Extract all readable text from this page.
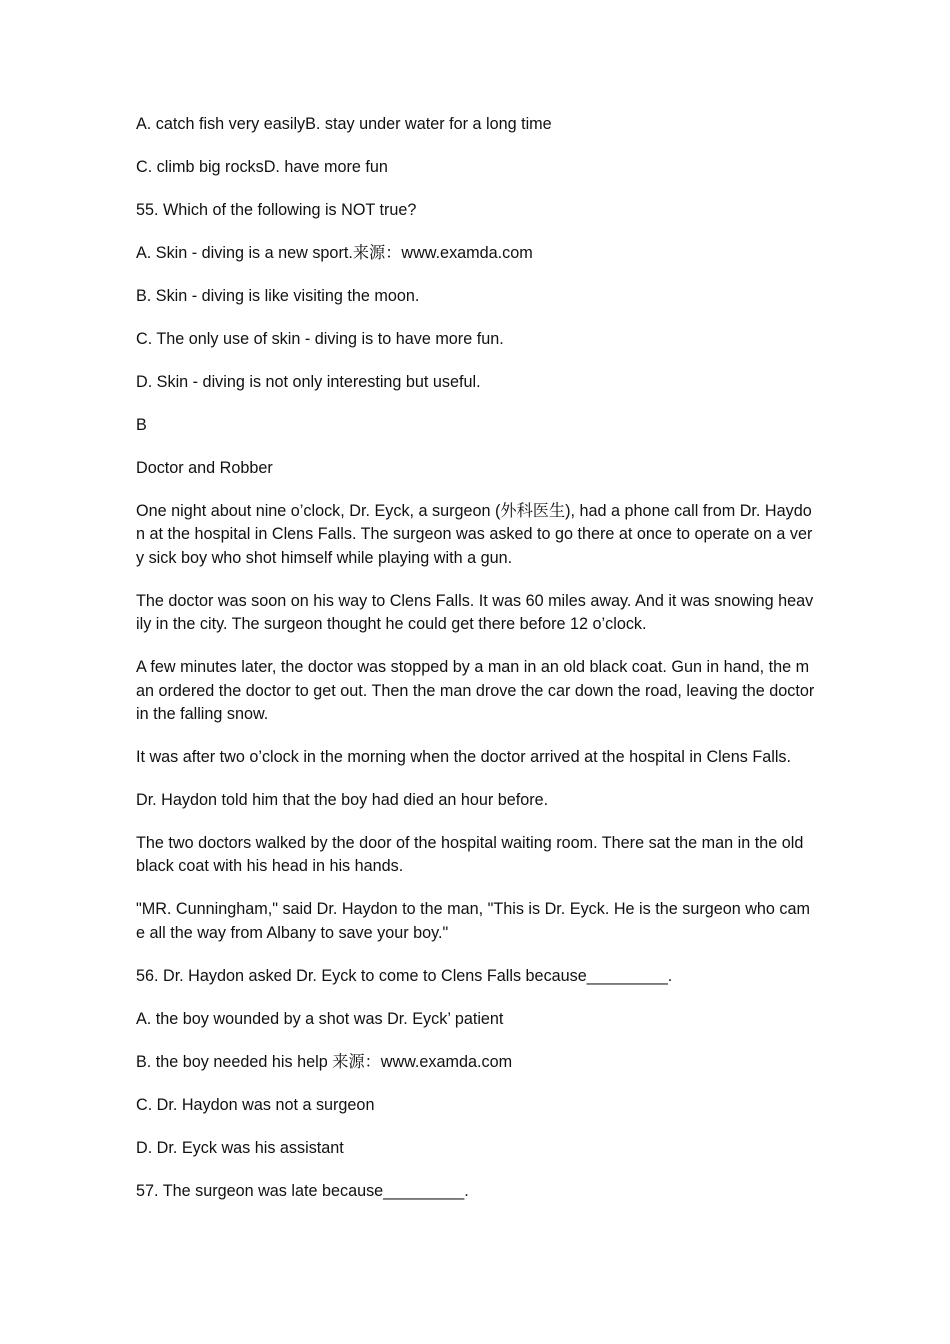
A. catch fish very easilyB. stay under water for a long time

C. climb big rocksD. have more fun

55. Which of the following is NOT true?

A. Skin - diving is a new sport.来源：www.examda.com

B. Skin - diving is like visiting the moon.

C. The only use of skin - diving is to have more fun.

D. Skin - diving is not only interesting but useful.

B

Doctor and Robber

One night about nine o’clock, Dr. Eyck, a surgeon (外科医生), had a phone call from Dr. Haydon at the hospital in Clens Falls. The surgeon was asked to go there at once to operate on a very sick boy who shot himself while playing with a gun.

The doctor was soon on his way to Clens Falls. It was 60 miles away. And it was snowing heavily in the city. The surgeon thought he could get there before 12 o’clock.

A few minutes later, the doctor was stopped by a man in an old black coat. Gun in hand, the man ordered the doctor to get out. Then the man drove the car down the road, leaving the doctor in the falling snow.

It was after two o’clock in the morning when the doctor arrived at the hospital in Clens Falls.

Dr. Haydon told him that the boy had died an hour before.

The two doctors walked by the door of the hospital waiting room. There sat the man in the old black coat with his head in his hands.

"MR. Cunningham," said Dr. Haydon to the man, "This is Dr. Eyck. He is the surgeon who came all the way from Albany to save your boy."

56. Dr. Haydon asked Dr. Eyck to come to Clens Falls because_________.

A. the boy wounded by a shot was Dr. Eyck’ patient

B. the boy needed his help 来源：www.examda.com

C. Dr. Haydon was not a surgeon

D. Dr. Eyck was his assistant

57. The surgeon was late because_________.
